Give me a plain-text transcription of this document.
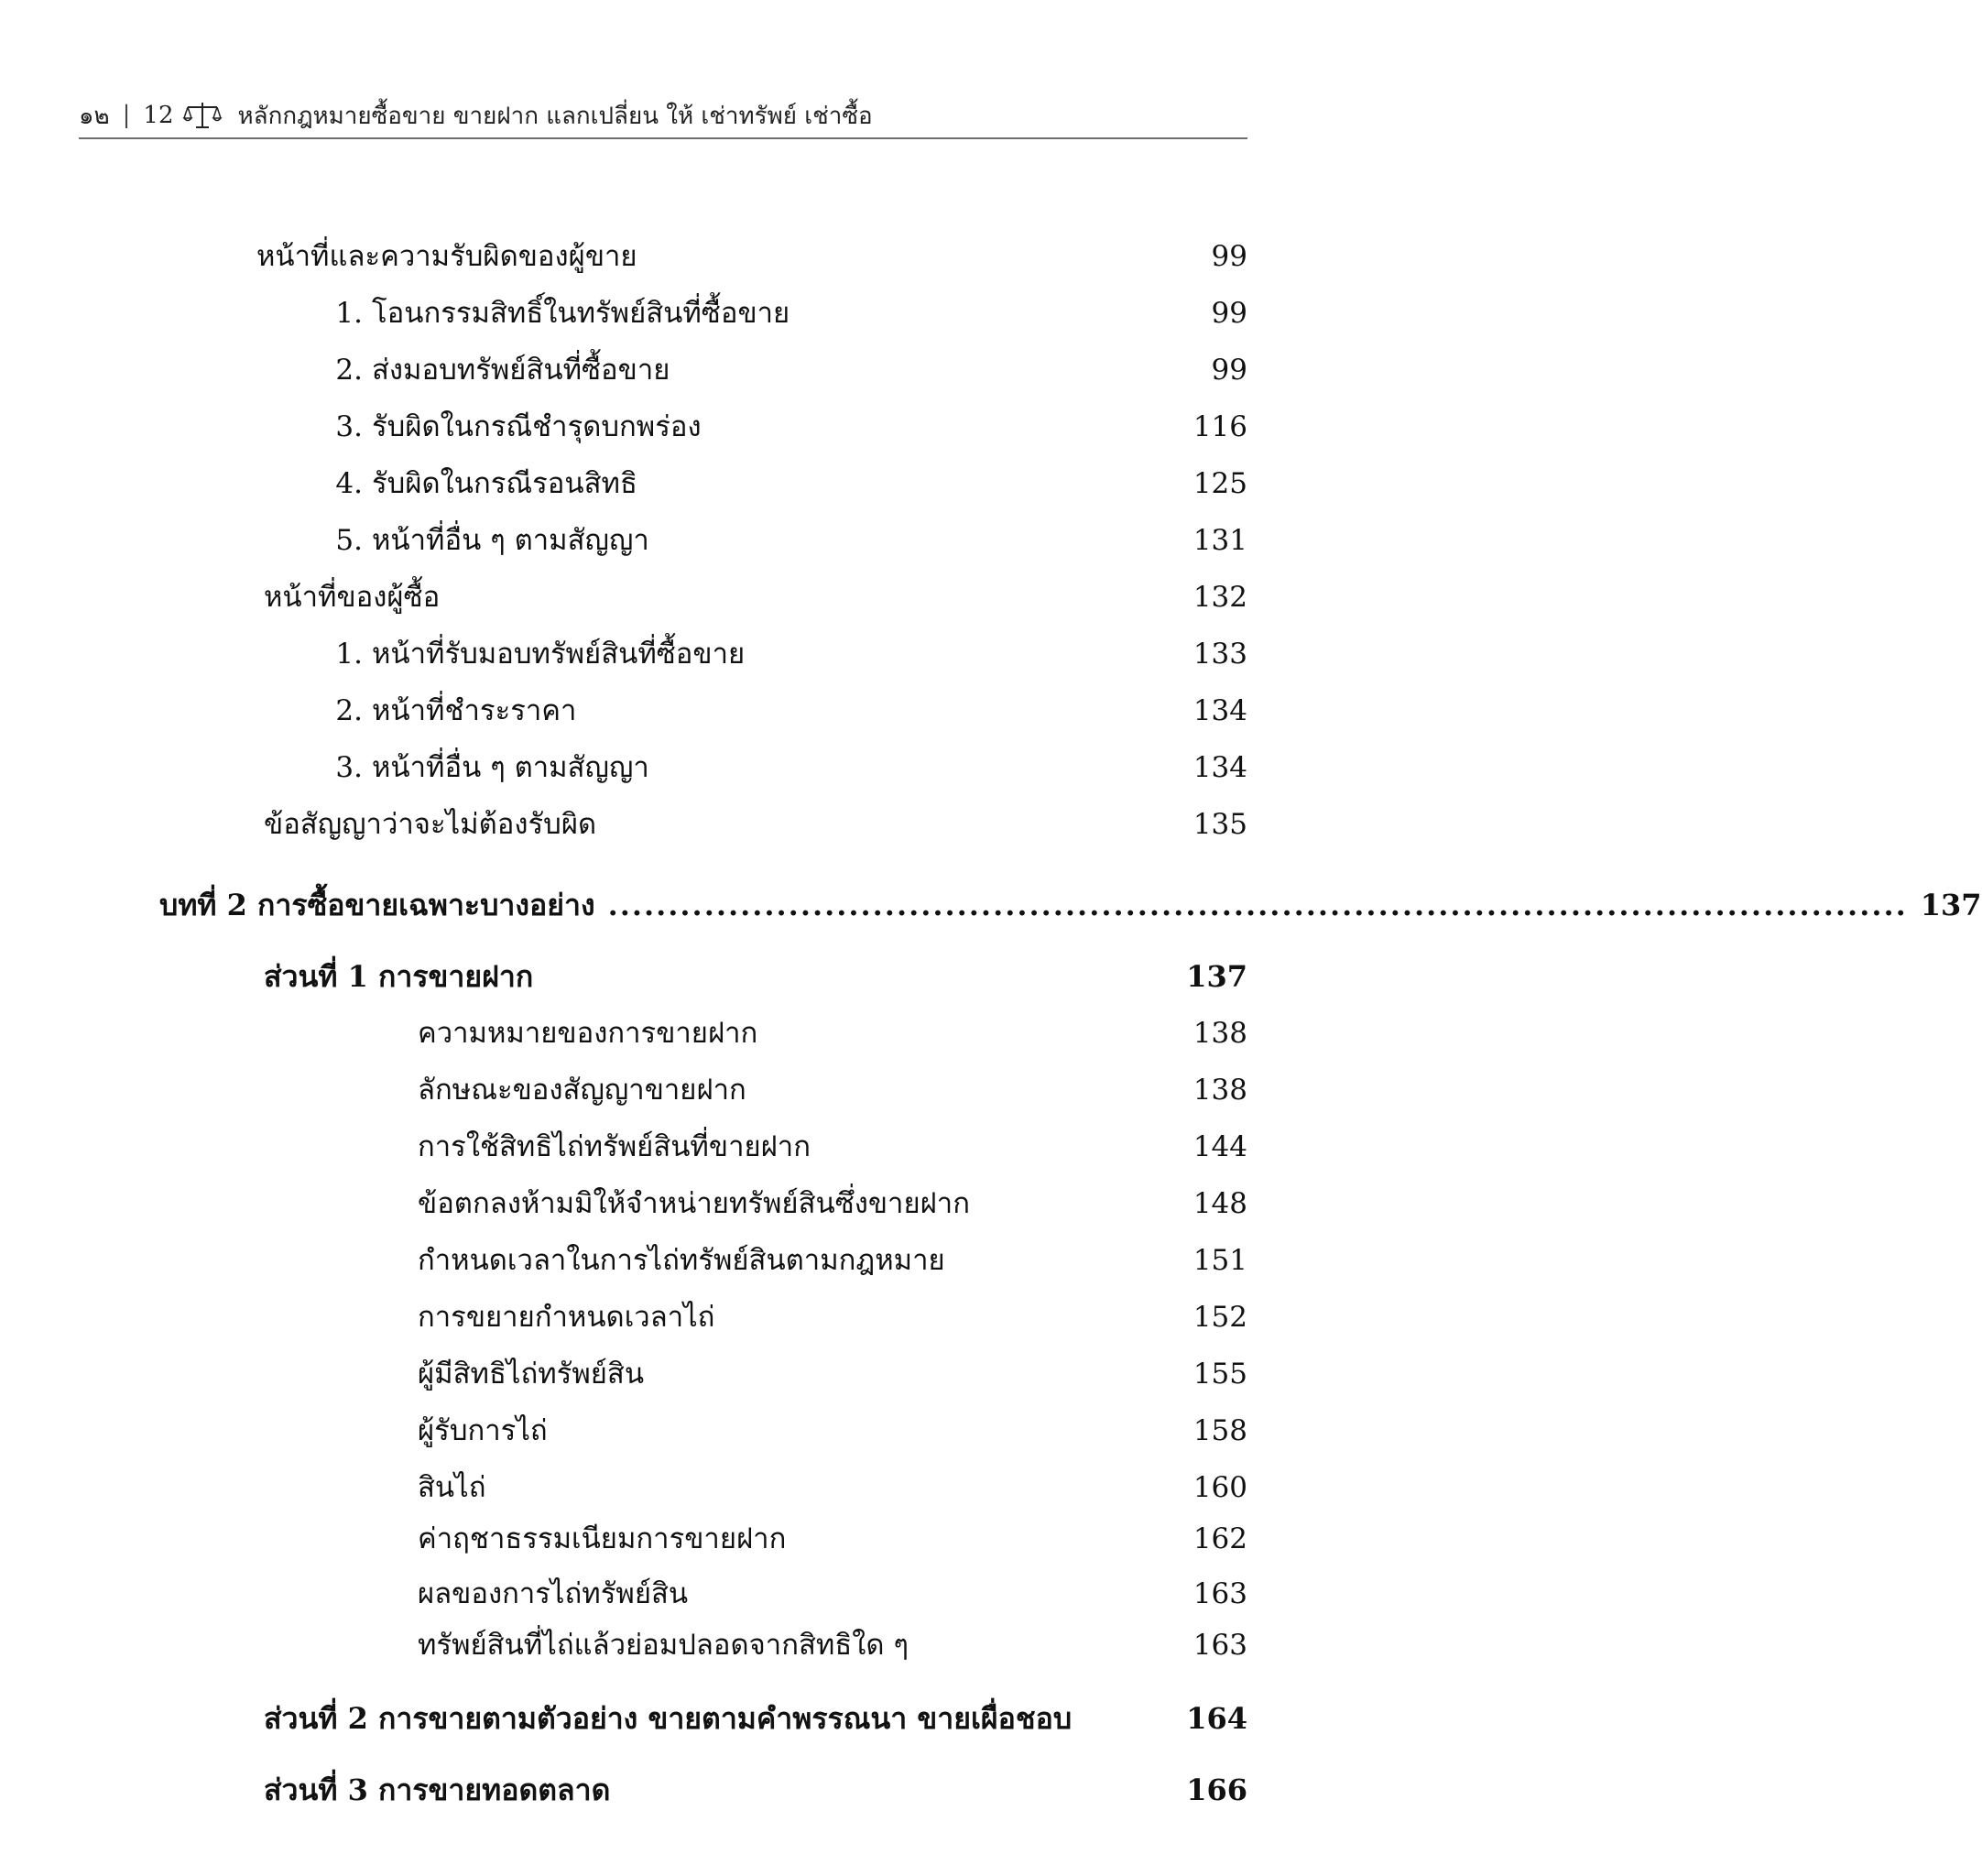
๑๒ | 12	หลักกฎหมายซื้อขาย ขายฝาก แลกเปลี่ยน ให้ เช่าทรัพย์ เช่าซื้อ
หน้าที่และความรับผิดของผู้ขาย	99
1. โอนกรรมสิทธิ์ในทรัพย์สินที่ซื้อขาย	99
2. ส่งมอบทรัพย์สินที่ซื้อขาย	99
3. รับผิดในกรณีชำรุดบกพร่อง	116
4. รับผิดในกรณีรอนสิทธิ	125
5. หน้าที่อื่น ๆ ตามสัญญา	131
หน้าที่ของผู้ซื้อ	132
1. หน้าที่รับมอบทรัพย์สินที่ซื้อขาย	133
2. หน้าที่ชำระราคา	134
3. หน้าที่อื่น ๆ ตามสัญญา	134
ข้อสัญญาว่าจะไม่ต้องรับผิด	135
บทที่ 2 การซื้อขายเฉพาะบางอย่าง ............................................................................................................ 137
ส่วนที่ 1 การขายฝาก	137
ความหมายของการขายฝาก	138
ลักษณะของสัญญาขายฝาก	138
การใช้สิทธิไถ่ทรัพย์สินที่ขายฝาก	144
ข้อตกลงห้ามมิให้จำหน่ายทรัพย์สินซึ่งขายฝาก	148
กำหนดเวลาในการไถ่ทรัพย์สินตามกฎหมาย	151
การขยายกำหนดเวลาไถ่	152
ผู้มีสิทธิไถ่ทรัพย์สิน	155
ผู้รับการไถ่	158
สินไถ่	160
ค่าฤชาธรรมเนียมการขายฝาก	162
ผลของการไถ่ทรัพย์สิน	163
ทรัพย์สินที่ไถ่แล้วย่อมปลอดจากสิทธิใด ๆ	163
ส่วนที่ 2 การขายตามตัวอย่าง ขายตามคำพรรณนา ขายเผื่อชอบ	164
ส่วนที่ 3 การขายทอดตลาด	166
